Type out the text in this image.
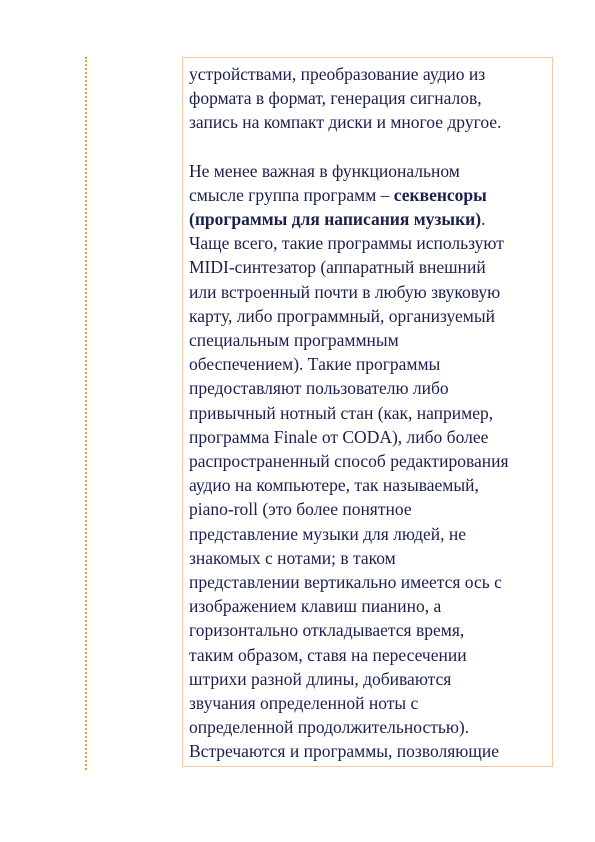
устройствами, преобразование аудио из
формата в формат, генерация сигналов,
запись на компакт диски и многое другое.

Не менее важная в функциональном
смысле группа программ – секвенсоры
(программы для написания музыки).
Чаще всего, такие программы используют
MIDI-синтезатор (аппаратный внешний
или встроенный почти в любую звуковую
карту, либо программный, организуемый
специальным программным
обеспечением). Такие программы
предоставляют пользователю либо
привычный нотный стан (как, например,
программа Finale от CODA), либо более
распространенный способ редактирования
аудио на компьютере, так называемый,
piano-roll (это более понятное
представление музыки для людей, не
знакомых с нотами; в таком
представлении вертикально имеется ось с
изображением клавиш пианино, а
горизонтально откладывается время,
таким образом, ставя на пересечении
штрихи разной длины, добиваются
звучания определенной ноты с
определенной продолжительностью).
Встречаются и программы, позволяющие
